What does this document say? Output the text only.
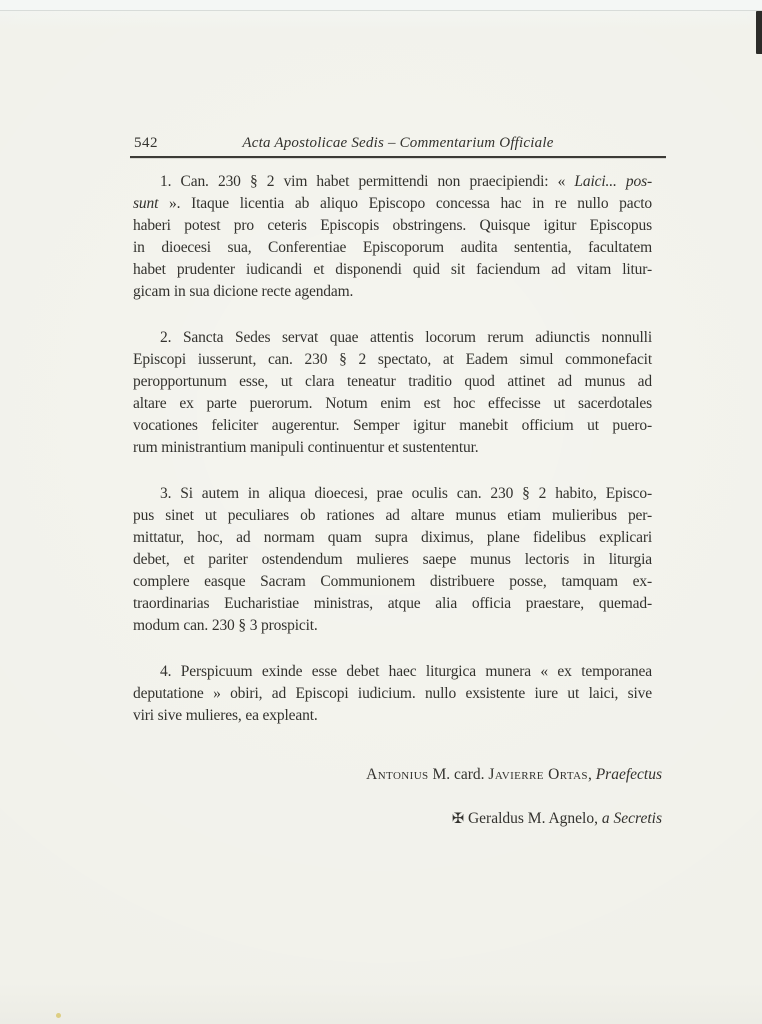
Acta Apostolicae Sedis – Commentarium Officiale
542
1. Can. 230 § 2 vim habet permittendi non praecipiendi: « Laici... pos-
sunt ». Itaque licentia ab aliquo Episcopo concessa hac in re nullo pacto
haberi potest pro ceteris Episcopis obstringens. Quisque igitur Episcopus
in dioecesi sua, Conferentiae Episcoporum audita sententia, facultatem
habet prudenter iudicandi et disponendi quid sit faciendum ad vitam litur-
gicam in sua dicione recte agendam.
2. Sancta Sedes servat quae attentis locorum rerum adiunctis nonnulli
Episcopi iusserunt, can. 230 § 2 spectato, at Eadem simul commonefacit
peropportunum esse, ut clara teneatur traditio quod attinet ad munus ad
altare ex parte puerorum. Notum enim est hoc effecisse ut sacerdotales
vocationes feliciter augerentur. Semper igitur manebit officium ut puero-
rum ministrantium manipuli continuentur et sustententur.
3. Si autem in aliqua dioecesi, prae oculis can. 230 § 2 habito, Episco-
pus sinet ut peculiares ob rationes ad altare munus etiam mulieribus per-
mittatur, hoc, ad normam quam supra diximus, plane fidelibus explicari
debet, et pariter ostendendum mulieres saepe munus lectoris in liturgia
complere easque Sacram Communionem distribuere posse, tamquam ex-
traordinarias Eucharistiae ministras, atque alia officia praestare, quemad-
modum can. 230 § 3 prospicit.
4. Perspicuum exinde esse debet haec liturgica munera « ex temporanea
deputatione » obiri, ad Episcopi iudicium. nullo exsistente iure ut laici, sive
viri sive mulieres, ea expleant.
Antonius M. card. Javierre Ortas, Praefectus
✠ Geraldus M. Agnelo, a Secretis
